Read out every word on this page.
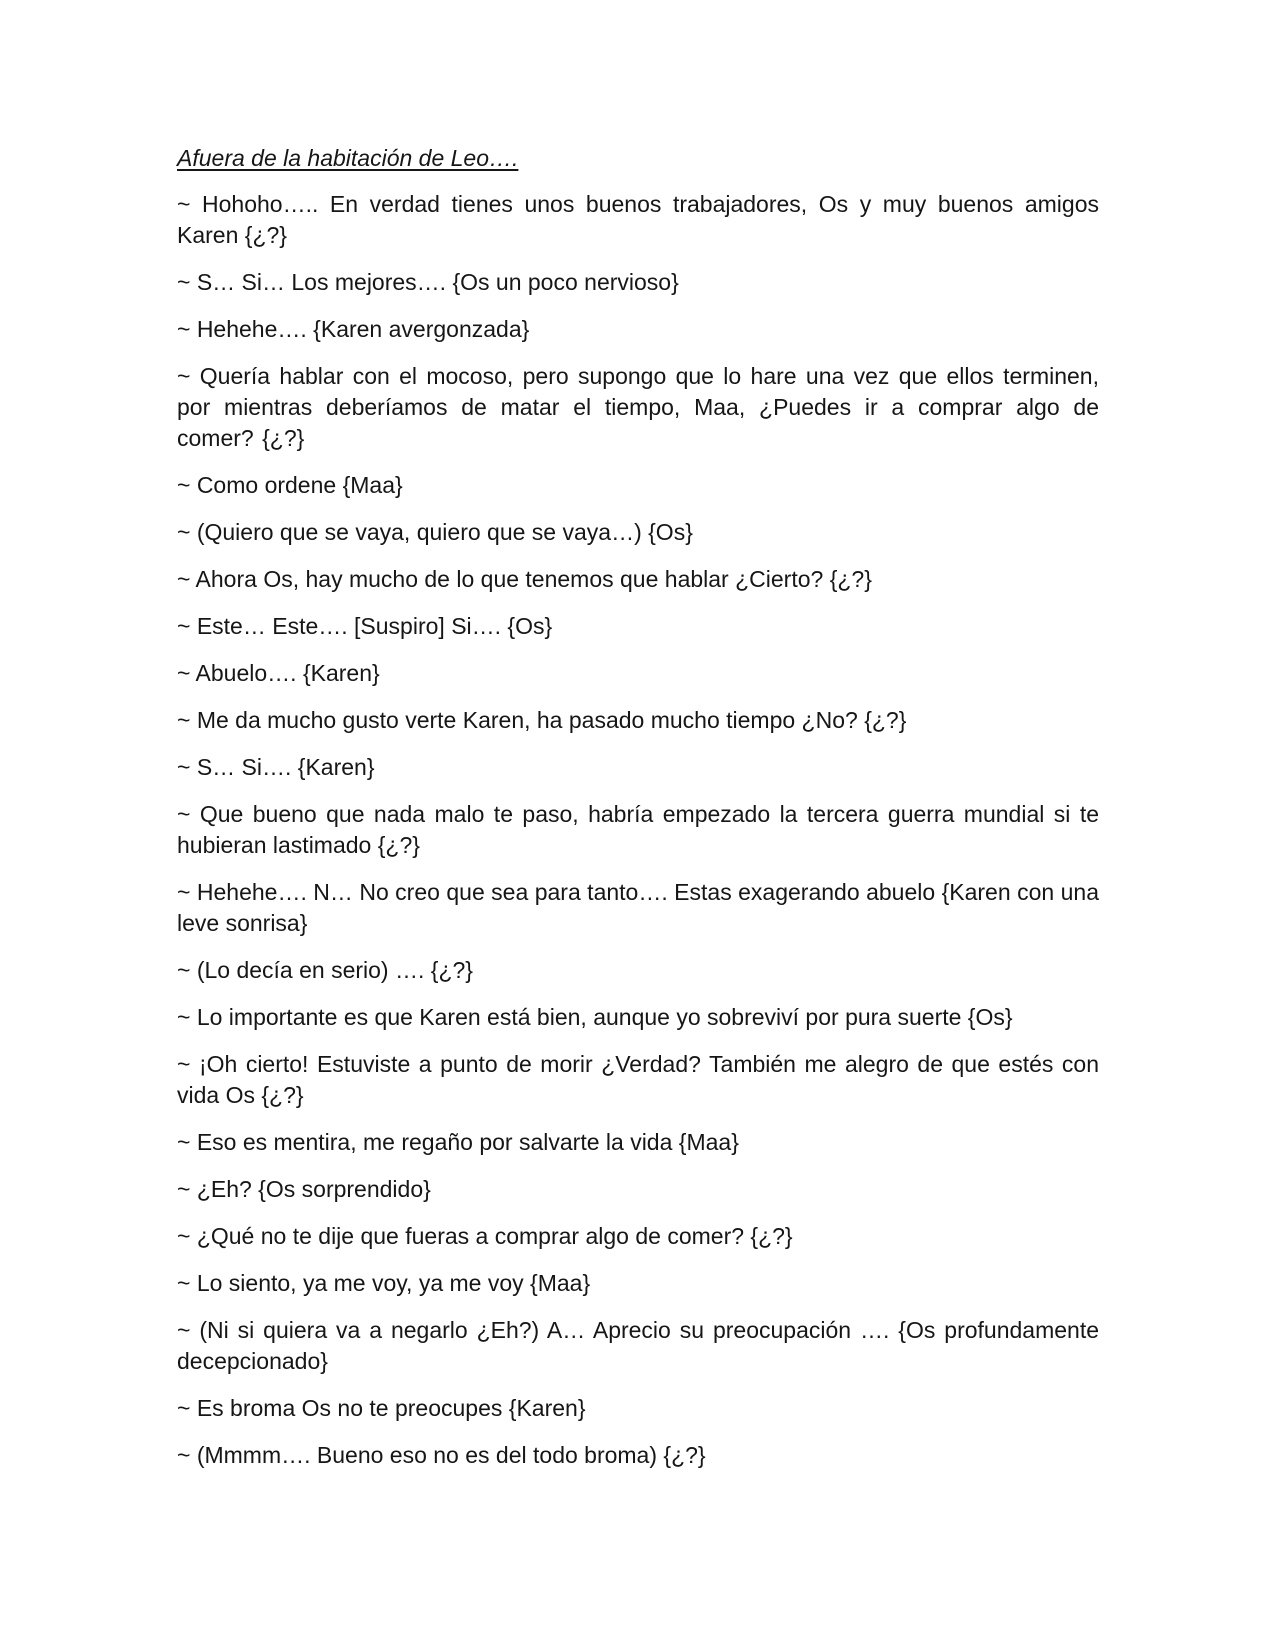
Afuera de la habitación de Leo….

~ Hohoho….. En verdad tienes unos buenos trabajadores, Os y muy buenos amigos Karen {¿?}

~ S… Si… Los mejores…. {Os un poco nervioso}

~ Hehehe…. {Karen avergonzada}

~ Quería hablar con el mocoso, pero supongo que lo hare una vez que ellos terminen, por mientras deberíamos de matar el tiempo, Maa, ¿Puedes ir a comprar algo de comer? {¿?}

~ Como ordene {Maa}

~ (Quiero que se vaya, quiero que se vaya…) {Os}

~ Ahora Os, hay mucho de lo que tenemos que hablar ¿Cierto? {¿?}

~ Este… Este…. [Suspiro] Si…. {Os}

~ Abuelo…. {Karen}

~ Me da mucho gusto verte Karen, ha pasado mucho tiempo ¿No? {¿?}

~ S… Si…. {Karen}

~ Que bueno que nada malo te paso, habría empezado la tercera guerra mundial si te hubieran lastimado {¿?}

~ Hehehe…. N… No creo que sea para tanto…. Estas exagerando abuelo {Karen con una leve sonrisa}

~ (Lo decía en serio) …. {¿?}

~ Lo importante es que Karen está bien, aunque yo sobreviví por pura suerte {Os}

~ ¡Oh cierto! Estuviste a punto de morir ¿Verdad? También me alegro de que estés con vida Os {¿?}

~ Eso es mentira, me regaño por salvarte la vida {Maa}

~ ¿Eh? {Os sorprendido}

~ ¿Qué no te dije que fueras a comprar algo de comer? {¿?}

~ Lo siento, ya me voy, ya me voy {Maa}

~ (Ni si quiera va a negarlo ¿Eh?) A… Aprecio su preocupación …. {Os profundamente decepcionado}

~ Es broma Os no te preocupes {Karen}

~ (Mmmm…. Bueno eso no es del todo broma) {¿?}
